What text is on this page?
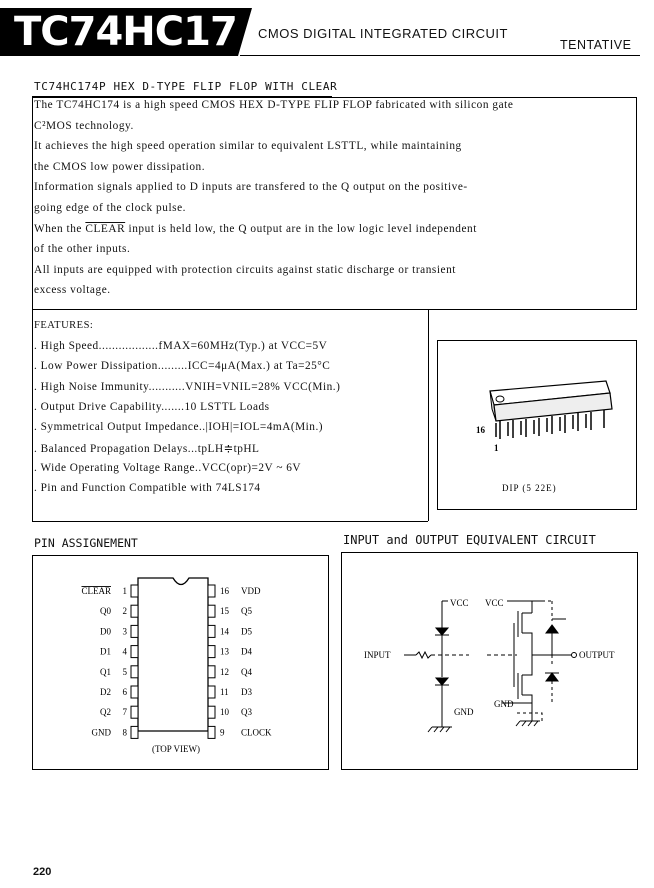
TC74HC174P
CMOS DIGITAL INTEGRATED CIRCUIT
TENTATIVE
TC74HC174P HEX D-TYPE FLIP FLOP WITH CLEAR
The TC74HC174 is a high speed CMOS HEX D-TYPE FLIP FLOP fabricated with silicon gate
C²MOS technology.
It achieves the high speed operation similar to equivalent LSTTL, while maintaining
the CMOS low power dissipation.
Information signals applied to D inputs are transfered to the Q output on the positive-
going edge of the clock pulse.
When the CLEAR input is held low, the Q output are in the low logic level independent
of the other inputs.
All inputs are equipped with protection circuits against static discharge or transient
excess voltage.
FEATURES:
. High Speed..................fMAX=60MHz(Typ.) at VCC=5V
. Low Power Dissipation.........ICC=4μA(Max.) at Ta=25°C
. High Noise Immunity...........VNIH=VNIL=28% VCC(Min.)
. Output Drive Capability.......10 LSTTL Loads
. Symmetrical Output Impedance..|IOH|=IOL=4mA(Min.)
. Balanced Propagation Delays...tpLH≑tpHL
. Wide Operating Voltage Range..VCC(opr)=2V ~ 6V
. Pin and Function Compatible with 74LS174
16
1
DIP (5 22E)
PIN ASSIGNEMENT
1
CLEAR
2
Q0
3
D0
4
D1
5
Q1
6
D2
7
Q2
8
GND
16 VDD
15 Q5
14 D5
13 D4
12 Q4
11 D3
10 Q3
9 CLOCK
(TOP VIEW)
INPUT and OUTPUT EQUIVALENT CIRCUIT
VCC VCC
INPUT	OUTPUT
GND
GND
220
